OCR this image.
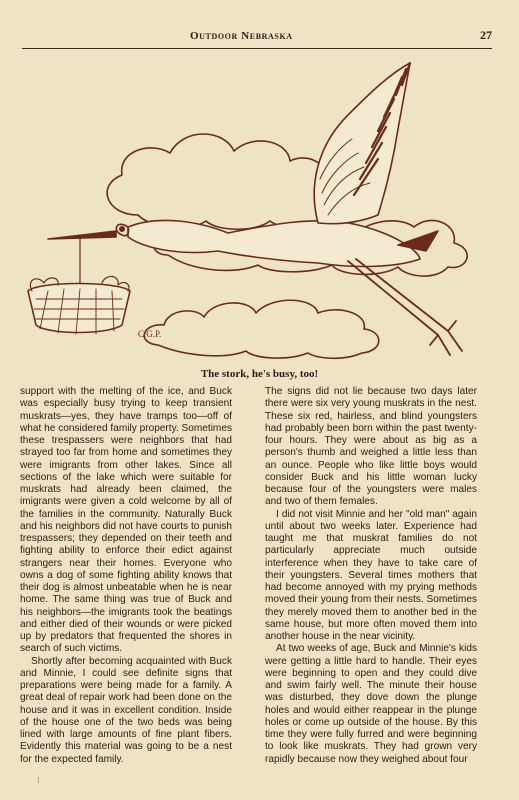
Outdoor Nebraska	27
C.G.P.
The stork, he's busy, too!

support with the melting of the ice, and Buck was especially busy trying to keep transient muskrats—yes, they have tramps too—off of what he considered family property. Sometimes these trespassers were neighbors that had strayed too far from home and sometimes they were imigrants from other lakes. Since all sections of the lake which were suitable for muskrats had already been claimed, the imigrants were given a cold welcome by all of the families in the community. Naturally Buck and his neighbors did not have courts to punish trespassers; they depended on their teeth and fighting ability to enforce their edict against strangers near their homes. Everyone who owns a dog of some fighting ability knows that their dog is almost unbeatable when he is near home. The same thing was true of Buck and his neighbors—the imigrants took the beatings and either died of their wounds or were picked up by predators that frequented the shores in search of such victims.

Shortly after becoming acquainted with Buck and Minnie, I could see definite signs that preparations were being made for a family. A great deal of repair work had been done on the house and it was in excellent condition. Inside of the house one of the two beds was being lined with large amounts of fine plant fibers. Evidently this material was going to be a nest for the expected family.

The signs did not lie because two days later there were six very young muskrats in the nest. These six red, hairless, and blind youngsters had probably been born within the past twenty-four hours. They were about as big as a person's thumb and weighed a little less than an ounce. People who like little boys would consider Buck and his little woman lucky because four of the youngsters were males and two of them females.

I did not visit Minnie and her "old man" again until about two weeks later. Experience had taught me that muskrat families do not particularly appreciate much outside interference when they have to take care of their youngsters. Several times mothers that had become annoyed with my prying methods moved their young from their nests. Sometimes they merely moved them to another bed in the same house, but more often moved them into another house in the near vicinity.

At two weeks of age, Buck and Minnie's kids were getting a little hard to handle. Their eyes were beginning to open and they could dive and swim fairly well. The minute their house was disturbed, they dove down the plunge holes and would either reappear in the plunge holes or come up outside of the house. By this time they were fully furred and were beginning to look like muskrats. They had grown very rapidly because now they weighed about four

⁝
